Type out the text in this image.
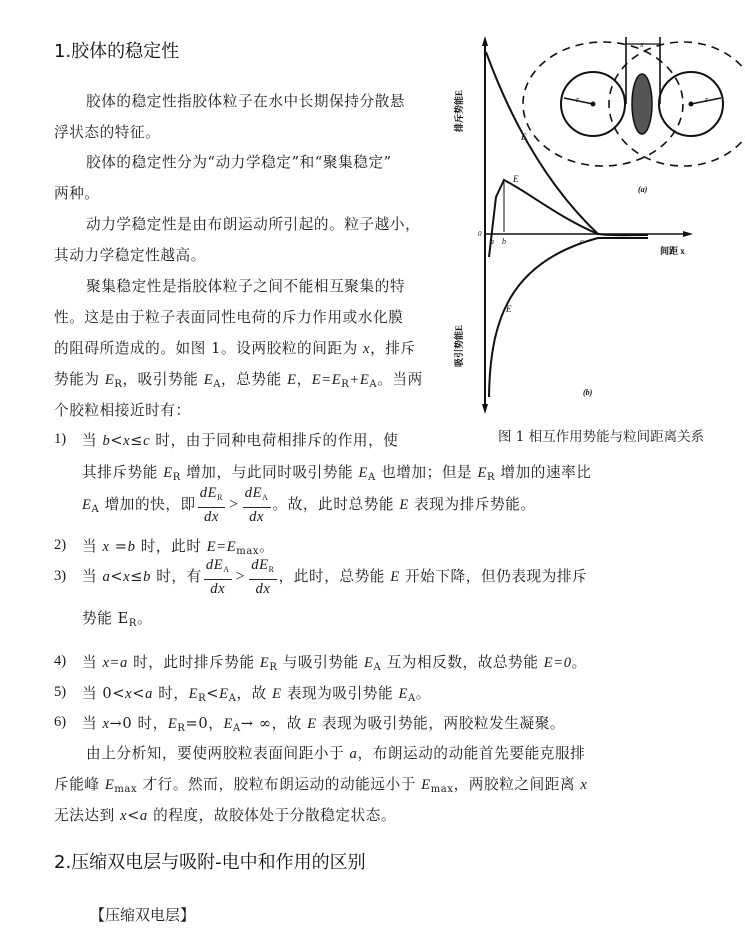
1.胶体的稳定性
胶体的稳定性指胶体粒子在水中长期保持分散悬
浮状态的特征。
胶体的稳定性分为“动力学稳定”和“聚集稳定”
两种。
动力学稳定性是由布朗运动所引起的。粒子越小，
其动力学稳定性越高。
聚集稳定性是指胶体粒子之间不能相互聚集的特
性。这是由于粒子表面同性电荷的斥力作用或水化膜
的阻碍所造成的。如图 1。设两胶粒的间距为 x，排斥
势能为 $E_R$，吸引势能 $E_A$，总势能 E，$E=E_R+E_A$。当两
个胶粒相接近时有：
排斥势能E
吸引势能E
间距 x
E
E
E
0
a b	c
x
r	r
(a)
(b)
图 1 相互作用势能与粒间距离关系
1) 当 b<x≤c 时，由于同种电荷相排斥的作用，使
其排斥势能 $E_R$ 增加，与此同时吸引势能 $E_A$ 也增加；但是 $E_R$ 增加的速率比
$E_A$ 增加的快，即 $\frac{dE_R}{dx} > \frac{dE_A}{dx}$ 。故，此时总势能 E 表现为排斥势能。
2) 当 x =b 时，此时 $E=E_{max}$。
3) 当 a<x≤b 时，有 $\frac{dE_A}{dx} > \frac{dE_R}{dx}$ ，此时，总势能 E 开始下降，但仍表现为排斥
势能 $E_R$。
4) 当 x=a 时，此时排斥势能 $E_R$ 与吸引势能 $E_A$ 互为相反数，故总势能 E=0。
5) 当 0<x<a 时，$E_R<E_A$，故 E 表现为吸引势能 $E_A$。
6) 当 x→0 时，$E_R=0$，$E_A\to$ ∞，故 E 表现为吸引势能，两胶粒发生凝聚。
由上分析知，要使两胶粒表面间距小于 a，布朗运动的动能首先要能克服排
斥能峰 $E_{max}$ 才行。然而，胶粒布朗运动的动能远小于 $E_{max}$，两胶粒之间距离 x
无法达到 x<a 的程度，故胶体处于分散稳定状态。
2.压缩双电层与吸附-电中和作用的区别
【压缩双电层】
